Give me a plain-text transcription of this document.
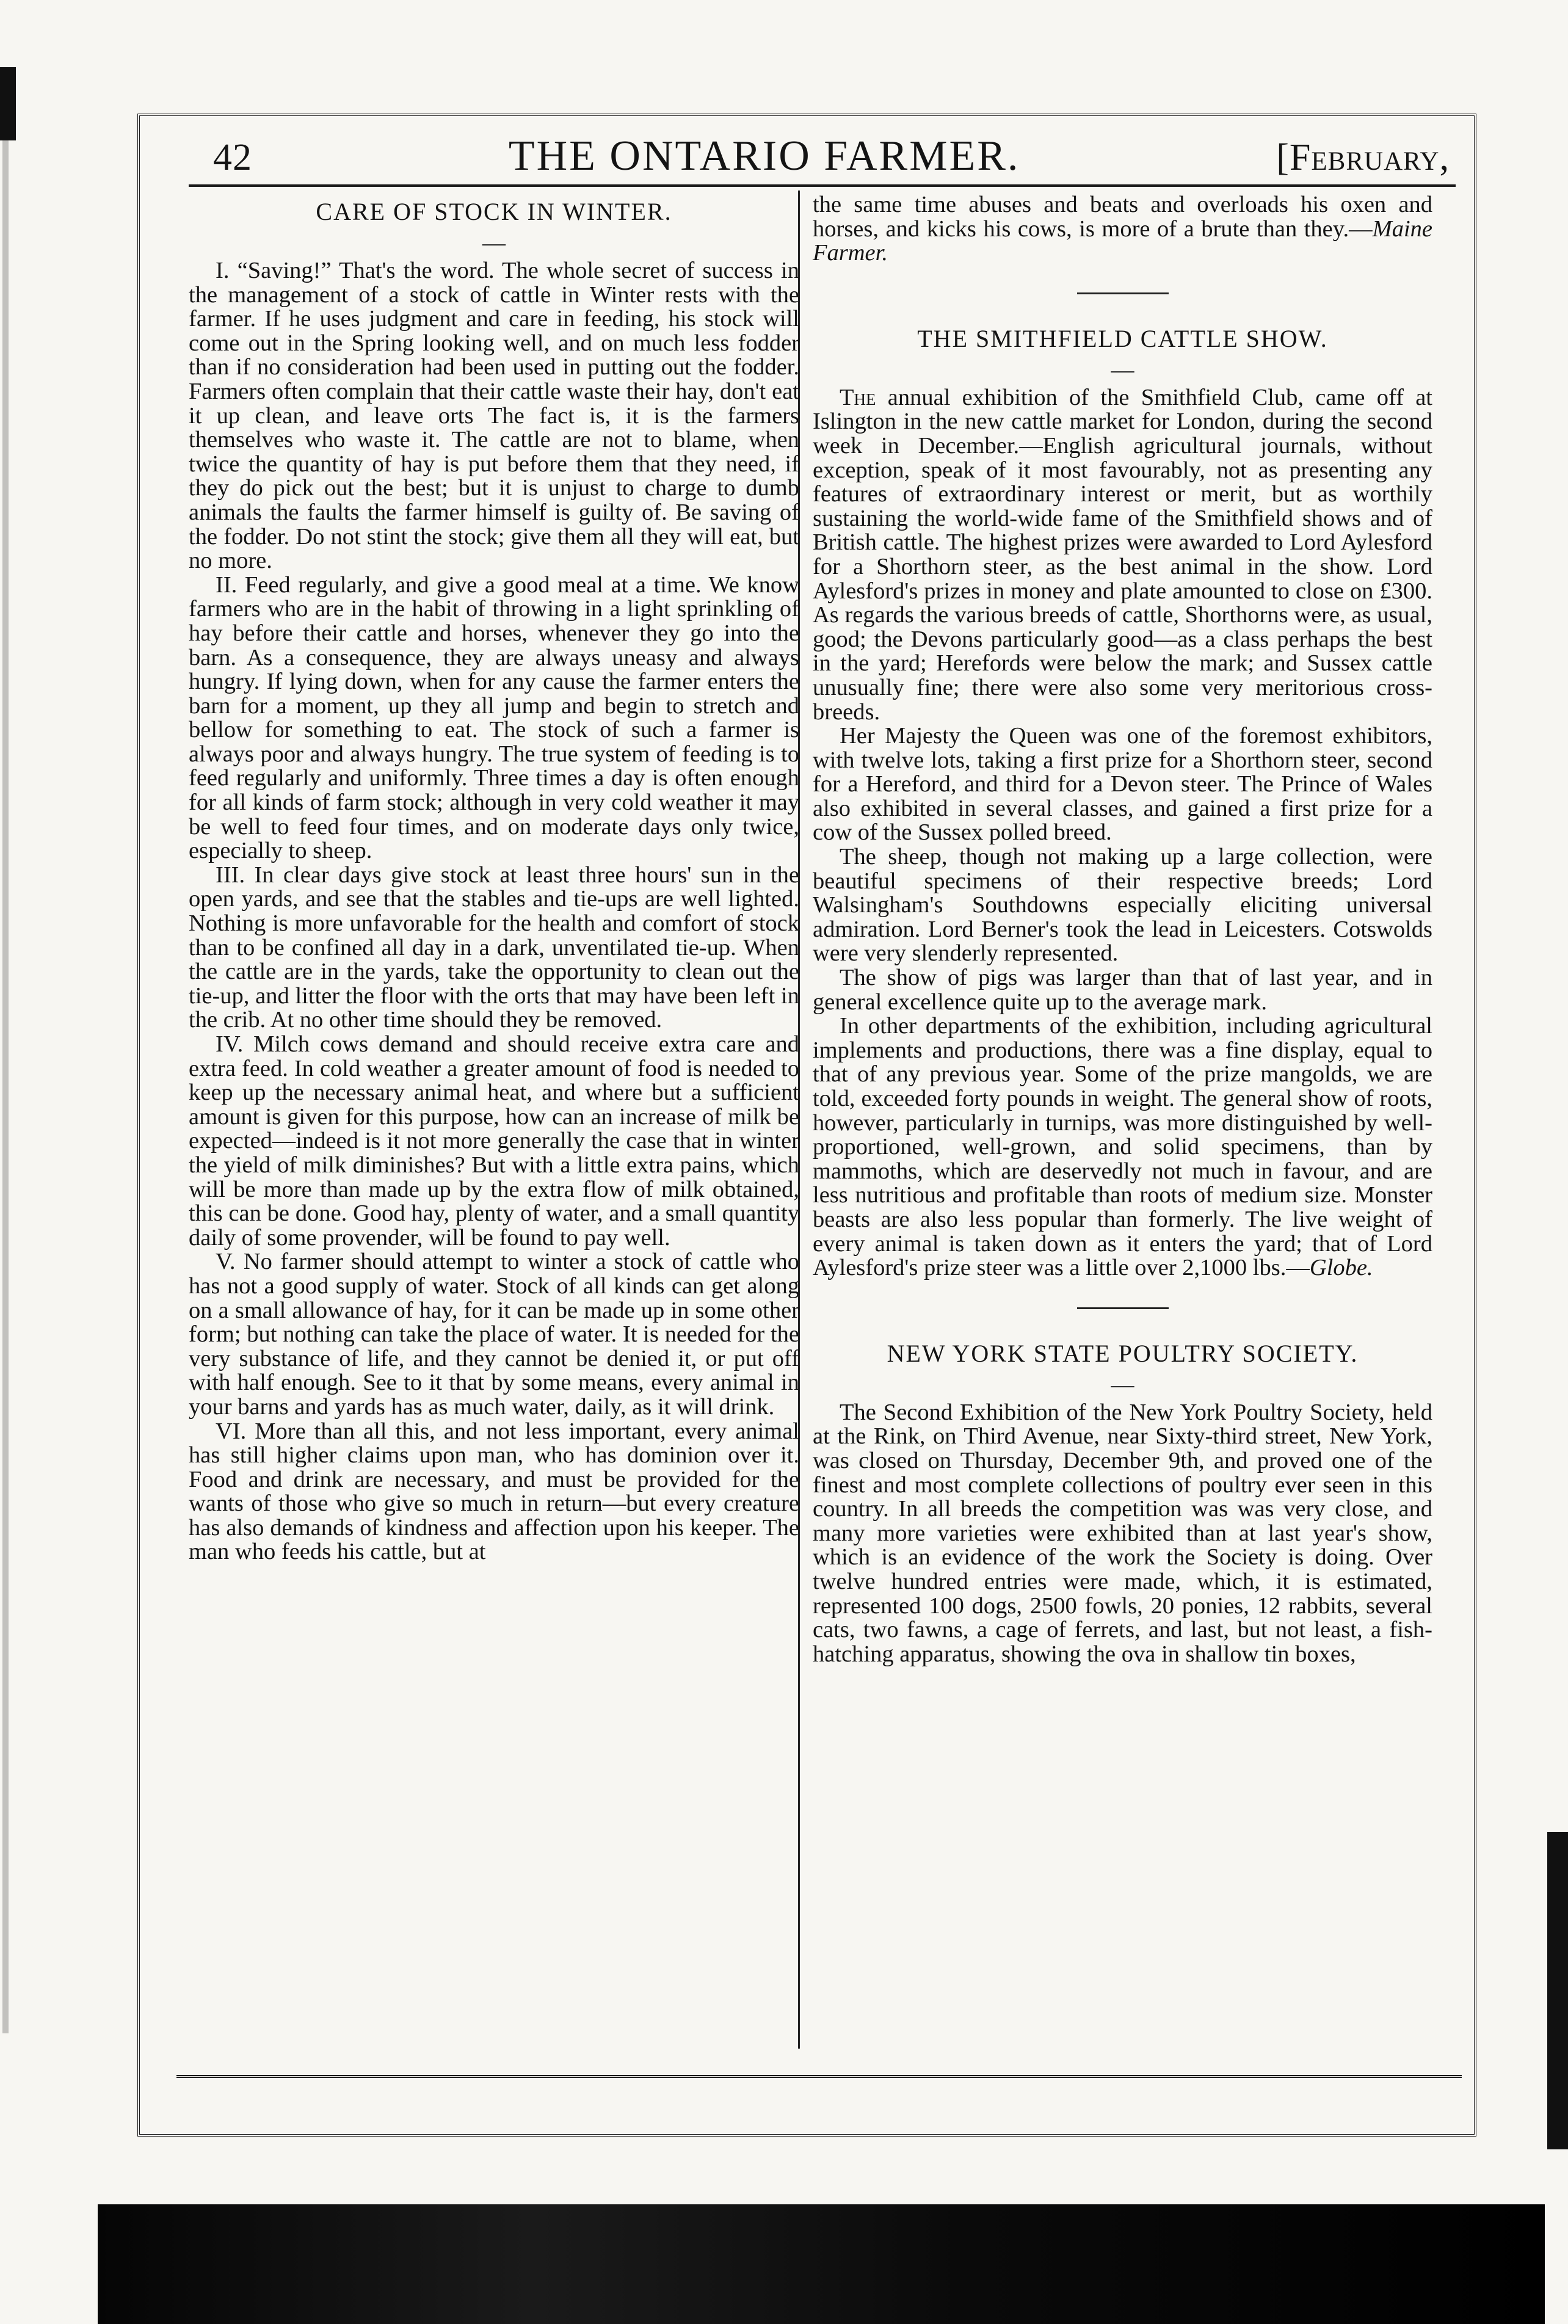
42	THE ONTARIO FARMER.	[February,
CARE OF STOCK IN WINTER.
—

I. “Saving!” That's the word. The whole secret of success in the management of a stock of cattle in Winter rests with the farmer. If he uses judgment and care in feeding, his stock will come out in the Spring looking well, and on much less fodder than if no consideration had been used in putting out the fodder. Farmers often complain that their cattle waste their hay, don't eat it up clean, and leave orts The fact is, it is the farmers themselves who waste it. The cattle are not to blame, when twice the quantity of hay is put before them that they need, if they do pick out the best; but it is unjust to charge to dumb animals the faults the farmer himself is guilty of. Be saving of the fodder. Do not stint the stock; give them all they will eat, but no more.

II. Feed regularly, and give a good meal at a time. We know farmers who are in the habit of throwing in a light sprinkling of hay before their cattle and horses, whenever they go into the barn. As a consequence, they are always uneasy and always hungry. If lying down, when for any cause the farmer enters the barn for a moment, up they all jump and begin to stretch and bellow for something to eat. The stock of such a farmer is always poor and always hungry. The true system of feeding is to feed regularly and uniformly. Three times a day is often enough for all kinds of farm stock; although in very cold weather it may be well to feed four times, and on moderate days only twice, especially to sheep.

III. In clear days give stock at least three hours' sun in the open yards, and see that the stables and tie-ups are well lighted. Nothing is more unfavorable for the health and comfort of stock than to be confined all day in a dark, unventilated tie-up. When the cattle are in the yards, take the opportunity to clean out the tie-up, and litter the floor with the orts that may have been left in the crib. At no other time should they be removed.

IV. Milch cows demand and should receive extra care and extra feed. In cold weather a greater amount of food is needed to keep up the necessary animal heat, and where but a sufficient amount is given for this purpose, how can an increase of milk be expected—indeed is it not more generally the case that in winter the yield of milk diminishes? But with a little extra pains, which will be more than made up by the extra flow of milk obtained, this can be done. Good hay, plenty of water, and a small quantity daily of some provender, will be found to pay well.

V. No farmer should attempt to winter a stock of cattle who has not a good supply of water. Stock of all kinds can get along on a small allowance of hay, for it can be made up in some other form; but nothing can take the place of water. It is needed for the very substance of life, and they cannot be denied it, or put off with half enough. See to it that by some means, every animal in your barns and yards has as much water, daily, as it will drink.

VI. More than all this, and not less important, every animal has still higher claims upon man, who has dominion over it. Food and drink are necessary, and must be provided for the wants of those who give so much in return—but every creature has also demands of kindness and affection upon his keeper. The man who feeds his cattle, but at

the same time abuses and beats and overloads his oxen and horses, and kicks his cows, is more of a brute than they.—Maine Farmer.

THE SMITHFIELD CATTLE SHOW.
—

The annual exhibition of the Smithfield Club, came off at Islington in the new cattle market for London, during the second week in December.—English agricultural journals, without exception, speak of it most favourably, not as presenting any features of extraordinary interest or merit, but as worthily sustaining the world-wide fame of the Smithfield shows and of British cattle. The highest prizes were awarded to Lord Aylesford for a Shorthorn steer, as the best animal in the show. Lord Aylesford's prizes in money and plate amounted to close on £300. As regards the various breeds of cattle, Shorthorns were, as usual, good; the Devons particularly good—as a class perhaps the best in the yard; Herefords were below the mark; and Sussex cattle unusually fine; there were also some very meritorious cross-breeds.

Her Majesty the Queen was one of the foremost exhibitors, with twelve lots, taking a first prize for a Shorthorn steer, second for a Hereford, and third for a Devon steer. The Prince of Wales also exhibited in several classes, and gained a first prize for a cow of the Sussex polled breed.

The sheep, though not making up a large collection, were beautiful specimens of their respective breeds; Lord Walsingham's Southdowns especially eliciting universal admiration. Lord Berner's took the lead in Leicesters. Cotswolds were very slenderly represented.

The show of pigs was larger than that of last year, and in general excellence quite up to the average mark.

In other departments of the exhibition, including agricultural implements and productions, there was a fine display, equal to that of any previous year. Some of the prize mangolds, we are told, exceeded forty pounds in weight. The general show of roots, however, particularly in turnips, was more distinguished by well-proportioned, well-grown, and solid specimens, than by mammoths, which are deservedly not much in favour, and are less nutritious and profitable than roots of medium size. Monster beasts are also less popular than formerly. The live weight of every animal is taken down as it enters the yard; that of Lord Aylesford's prize steer was a little over 2,1000 lbs.—Globe.

NEW YORK STATE POULTRY SOCIETY.
—

The Second Exhibition of the New York Poultry Society, held at the Rink, on Third Avenue, near Sixty-third street, New York, was closed on Thursday, December 9th, and proved one of the finest and most complete collections of poultry ever seen in this country. In all breeds the competition was was very close, and many more varieties were exhibited than at last year's show, which is an evidence of the work the Society is doing. Over twelve hundred entries were made, which, it is estimated, represented 100 dogs, 2500 fowls, 20 ponies, 12 rabbits, several cats, two fawns, a cage of ferrets, and last, but not least, a fish-hatching apparatus, showing the ova in shallow tin boxes,
